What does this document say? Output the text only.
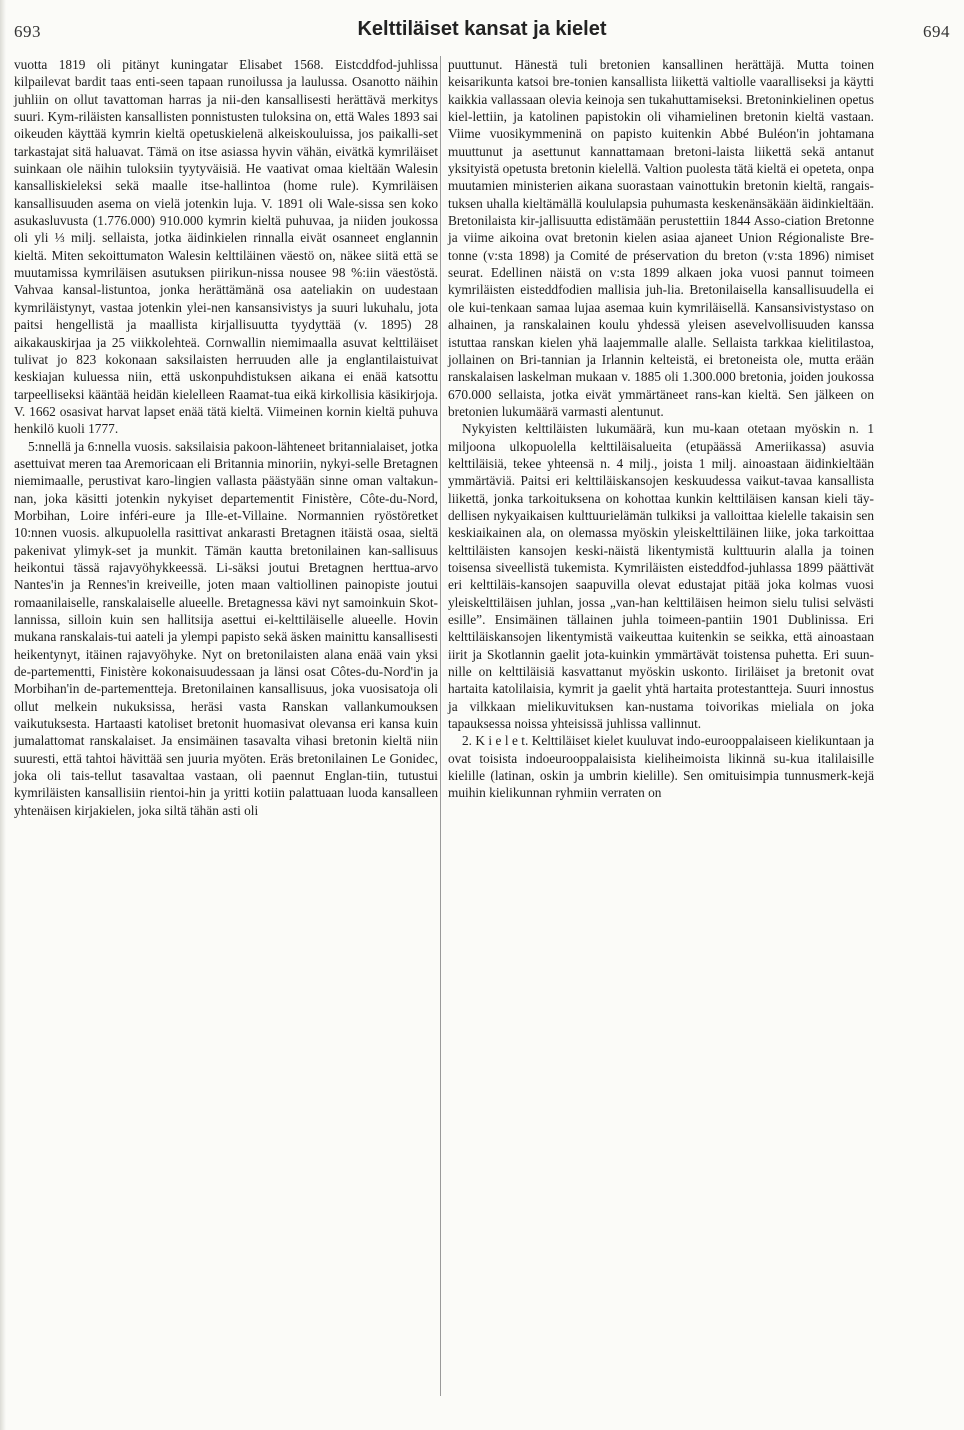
693	Kelttiläiset kansat ja kielet	694

vuotta 1819 oli pitänyt kuningatar Elisabet 1568. Eistcddfod-juhlissa kilpailevat bardit taas enti-seen tapaan runoilussa ja laulussa. Osanotto näihin juhliin on ollut tavattoman harras ja nii-den kansallisesti herättävä merkitys suuri. Kym-riläisten kansallisten ponnistusten tuloksina on, että Wales 1893 sai oikeuden käyttää kymrin kieltä opetuskielenä alkeiskouluissa, jos paikalli-set tarkastajat sitä haluavat. Tämä on itse asiassa hyvin vähän, eivätkä kymriläiset suinkaan ole näihin tuloksiin tyytyväisiä. He vaativat omaa kieltään Walesin kansalliskieleksi sekä maalle itse-hallintoa (home rule). Kymriläisen kansallisuuden asema on vielä jotenkin luja. V. 1891 oli Wale-sissa sen koko asukasluvusta (1.776.000) 910.000 kymrin kieltä puhuvaa, ja niiden joukossa oli yli ⅓ milj. sellaista, jotka äidinkielen rinnalla eivät osanneet englannin kieltä. Miten sekoittumaton Walesin kelttiläinen väestö on, näkee siitä että se muutamissa kymriläisen asutuksen piirikun-nissa nousee 98 %:iin väestöstä. Vahvaa kansal-listuntoa, jonka herättämänä osa aateliakin on uudestaan kymriläistynyt, vastaa jotenkin ylei-nen kansansivistys ja suuri lukuhalu, jota paitsi hengellistä ja maallista kirjallisuutta tyydyttää (v. 1895) 28 aikakauskirjaa ja 25 viikkolehteä. Cornwallin niemimaalla asuvat kelttiläiset tulivat jo 823 kokonaan saksilaisten herruuden alle ja englantilaistuivat keskiajan kuluessa niin, että uskonpuhdistuksen aikana ei enää katsottu tarpeelliseksi kääntää heidän kielelleen Raamat-tua eikä kirkollisia käsikirjoja. V. 1662 osasivat harvat lapset enää tätä kieltä. Viimeinen kornin kieltä puhuva henkilö kuoli 1777.

5:nnellä ja 6:nnella vuosis. saksilaisia pakoon-lähteneet britannialaiset, jotka asettuivat meren taa Aremoricaan eli Britannia minoriin, nykyi-selle Bretagnen niemimaalle, perustivat karo-lingien vallasta päästyään sinne oman valtakun-nan, joka käsitti jotenkin nykyiset departementit Finistère, Côte-du-Nord, Morbihan, Loire inféri-eure ja Ille-et-Villaine. Normannien ryöstöretket 10:nnen vuosis. alkupuolella rasittivat ankarasti Bretagnen itäistä osaa, sieltä pakenivat ylimyk-set ja munkit. Tämän kautta bretonilainen kan-sallisuus heikontui tässä rajavyöhykkeessä. Li-säksi joutui Bretagnen herttua-arvo Nantes'in ja Rennes'in kreiveille, joten maan valtiollinen painopiste joutui romaanilaiselle, ranskalaiselle alueelle. Bretagnessa kävi nyt samoinkuin Skot-lannissa, silloin kuin sen hallitsija asettui ei-kelttiläiselle alueelle. Hovin mukana ranskalais-tui aateli ja ylempi papisto sekä äsken mainittu kansallisesti heikentynyt, itäinen rajavyöhyke. Nyt on bretonilaisten alana enää vain yksi de-partementti, Finistère kokonaisuudessaan ja länsi osat Côtes-du-Nord'in ja Morbihan'in de-partementteja. Bretonilainen kansallisuus, joka vuosisatoja oli ollut melkein nukuksissa, heräsi vasta Ranskan vallankumouksen vaikutuksesta. Hartaasti katoliset bretonit huomasivat olevansa eri kansa kuin jumalattomat ranskalaiset. Ja ensimäinen tasavalta vihasi bretonin kieltä niin suuresti, että tahtoi hävittää sen juuria myöten. Eräs bretonilainen Le Gonidec, joka oli tais-tellut tasavaltaa vastaan, oli paennut Englan-tiin, tutustui kymriläisten kansallisiin rientoi-hin ja yritti kotiin palattuaan luoda kansalleen yhtenäisen kirjakielen, joka siltä tähän asti oli

puuttunut. Hänestä tuli bretonien kansallinen herättäjä. Mutta toinen keisarikunta katsoi bre-tonien kansallista liikettä valtiolle vaaralliseksi ja käytti kaikkia vallassaan olevia keinoja sen tukahuttamiseksi. Bretoninkielinen opetus kiel-lettiin, ja katolinen papistokin oli vihamielinen bretonin kieltä vastaan. Viime vuosikymmeninä on papisto kuitenkin Abbé Buléon'in johtamana muuttunut ja asettunut kannattamaan bretoni-laista liikettä sekä antanut yksityistä opetusta bretonin kielellä. Valtion puolesta tätä kieltä ei opeteta, onpa muutamien ministerien aikana suorastaan vainottukin bretonin kieltä, rangais-tuksen uhalla kieltämällä koululapsia puhumasta keskenänsäkään äidinkieltään. Bretonilaista kir-jallisuutta edistämään perustettiin 1844 Asso-ciation Bretonne ja viime aikoina ovat bretonin kielen asiaa ajaneet Union Régionaliste Bre-tonne (v:sta 1898) ja Comité de préservation du breton (v:sta 1896) nimiset seurat. Edellinen näistä on v:sta 1899 alkaen joka vuosi pannut toimeen kymriläisten eisteddfodien mallisia juh-lia. Bretonilaisella kansallisuudella ei ole kui-tenkaan samaa lujaa asemaa kuin kymriläisellä. Kansansivistystaso on alhainen, ja ranskalainen koulu yhdessä yleisen asevelvollisuuden kanssa istuttaa ranskan kielen yhä laajemmalle alalle. Sellaista tarkkaa kielitilastoa, jollainen on Bri-tannian ja Irlannin kelteistä, ei bretoneista ole, mutta erään ranskalaisen laskelman mukaan v. 1885 oli 1.300.000 bretonia, joiden joukossa 670.000 sellaista, jotka eivät ymmärtäneet rans-kan kieltä. Sen jälkeen on bretonien lukumäärä varmasti alentunut.

Nykyisten kelttiläisten lukumäärä, kun mu-kaan otetaan myöskin n. 1 miljoona ulkopuolella kelttiläisalueita (etupäässä Ameriikassa) asuvia kelttiläisiä, tekee yhteensä n. 4 milj., joista 1 milj. ainoastaan äidinkieltään ymmärtäviä. Paitsi eri kelttiläiskansojen keskuudessa vaikut-tavaa kansallista liikettä, jonka tarkoituksena on kohottaa kunkin kelttiläisen kansan kieli täy-dellisen nykyaikaisen kulttuurielämän tulkiksi ja valloittaa kielelle takaisin sen keskiaikainen ala, on olemassa myöskin yleiskelttiläinen liike, joka tarkoittaa kelttiläisten kansojen keski-näistä likentymistä kulttuurin alalla ja toinen toisensa siveellistä tukemista. Kymriläisten eisteddfod-juhlassa 1899 päättivät eri kelttiläis-kansojen saapuvilla olevat edustajat pitää joka kolmas vuosi yleiskelttiläisen juhlan, jossa „van-han kelttiläisen heimon sielu tulisi selvästi esille”. Ensimäinen tällainen juhla toimeen-pantiin 1901 Dublinissa. Eri kelttiläiskansojen likentymistä vaikeuttaa kuitenkin se seikka, että ainoastaan iirit ja Skotlannin gaelit jota-kuinkin ymmärtävät toistensa puhetta. Eri suun-nille on kelttiläisiä kasvattanut myöskin uskonto. Iiriläiset ja bretonit ovat hartaita katolilaisia, kymrit ja gaelit yhtä hartaita protestantteja. Suuri innostus ja vilkkaan mielikuvituksen kan-nustama toivorikas mieliala on joka tapauksessa noissa yhteisissä juhlissa vallinnut.

2. K i e l e t. Kelttiläiset kielet kuuluvat indo-eurooppalaiseen kielikuntaan ja ovat toisista indoeurooppalaisista kieliheimoista likinnä su-kua italilaisille kielille (latinan, oskin ja umbrin kielille). Sen omituisimpia tunnusmerk-kejä muihin kielikunnan ryhmiin verraten on
